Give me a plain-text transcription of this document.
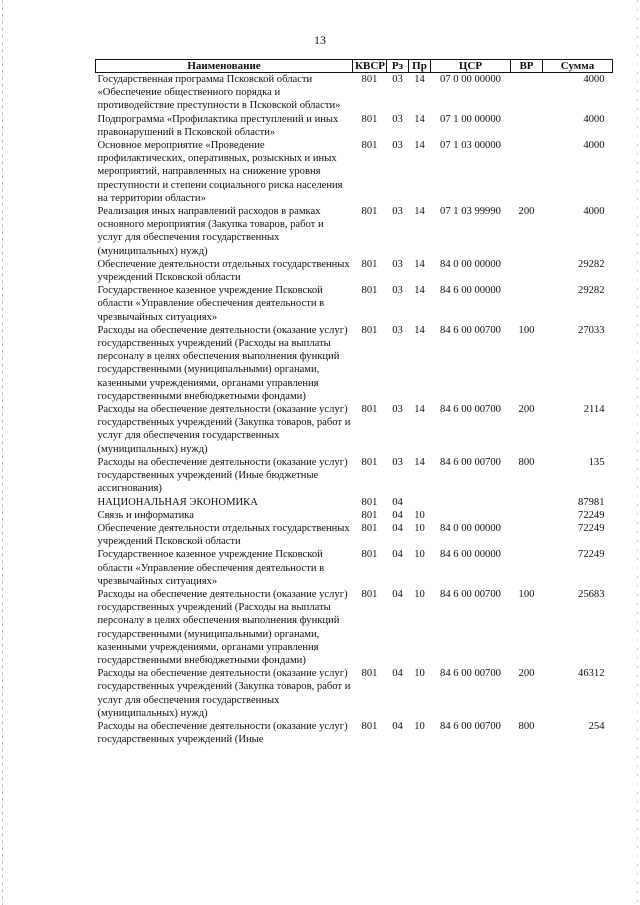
13
Наименование	КВСР	Рз	Пр	ЦСР	ВР	Сумма
Государственная программа Псковской области «Обеспечение общественного порядка и противодействие преступности в Псковской области»	801	03	14	07 0 00 00000		4000
Подпрограмма «Профилактика преступлений и иных правонарушений в Псковской области»	801	03	14	07 1 00 00000		4000
Основное мероприятие «Проведение профилактических, оперативных, розыскных и иных мероприятий, направленных на снижение уровня преступности и степени социального риска населения на территории области»	801	03	14	07 1 03 00000		4000
Реализация иных направлений расходов в рамках основного мероприятия (Закупка товаров, работ и услуг для обеспечения государственных (муниципальных) нужд)	801	03	14	07 1 03 99990	200	4000
Обеспечение деятельности отдельных государственных учреждений Псковской области	801	03	14	84 0 00 00000		29282
Государственное казенное учреждение Псковской области «Управление обеспечения деятельности в чрезвычайных ситуациях»	801	03	14	84 6 00 00000		29282
Расходы на обеспечение деятельности (оказание услуг) государственных учреждений (Расходы на выплаты персоналу в целях обеспечения выполнения функций государственными (муниципальными) органами, казенными учреждениями, органами управления государственными внебюджетными фондами)	801	03	14	84 6 00 00700	100	27033
Расходы на обеспечение деятельности (оказание услуг) государственных учреждений (Закупка товаров, работ и услуг для обеспечения государственных (муниципальных) нужд)	801	03	14	84 6 00 00700	200	2114
Расходы на обеспечение деятельности (оказание услуг) государственных учреждений (Иные бюджетные ассигнования)	801	03	14	84 6 00 00700	800	135
НАЦИОНАЛЬНАЯ ЭКОНОМИКА	801	04				87981
Связь и информатика	801	04	10			72249
Обеспечение деятельности отдельных государственных учреждений Псковской области	801	04	10	84 0 00 00000		72249
Государственное казенное учреждение Псковской области «Управление обеспечения деятельности в чрезвычайных ситуациях»	801	04	10	84 6 00 00000		72249
Расходы на обеспечение деятельности (оказание услуг) государственных учреждений (Расходы на выплаты персоналу в целях обеспечения выполнения функций государственными (муниципальными) органами, казенными учреждениями, органами управления государственными внебюджетными фондами)	801	04	10	84 6 00 00700	100	25683
Расходы на обеспечение деятельности (оказание услуг) государственных учреждений (Закупка товаров, работ и услуг для обеспечения государственных (муниципальных) нужд)	801	04	10	84 6 00 00700	200	46312
Расходы на обеспечение деятельности (оказание услуг) государственных учреждений (Иные	801	04	10	84 6 00 00700	800	254
